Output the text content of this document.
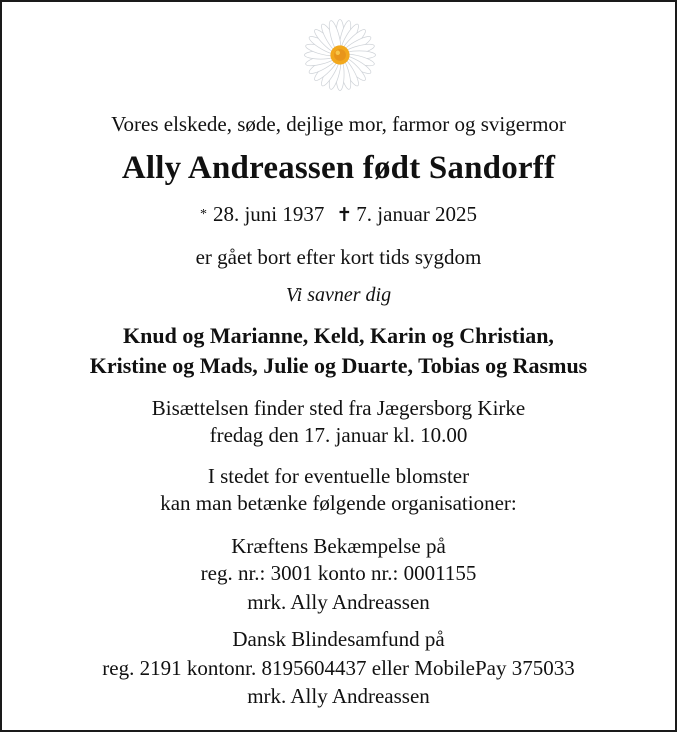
Vores elskede, søde, dejlige mor, farmor og svigermor
Ally Andreassen født Sandorff
* 28. juni 1937 ✝ 7. januar 2025
er gået bort efter kort tids sygdom
Vi savner dig
Knud og Marianne, Keld, Karin og Christian,
Kristine og Mads, Julie og Duarte, Tobias og Rasmus
Bisættelsen finder sted fra Jægersborg Kirke
fredag den 17. januar kl. 10.00
I stedet for eventuelle blomster
kan man betænke følgende organisationer:
Kræftens Bekæmpelse på
reg. nr.: 3001 konto nr.: 0001155
mrk. Ally Andreassen
Dansk Blindesamfund på
reg. 2191 kontonr. 8195604437 eller MobilePay 375033
mrk. Ally Andreassen
